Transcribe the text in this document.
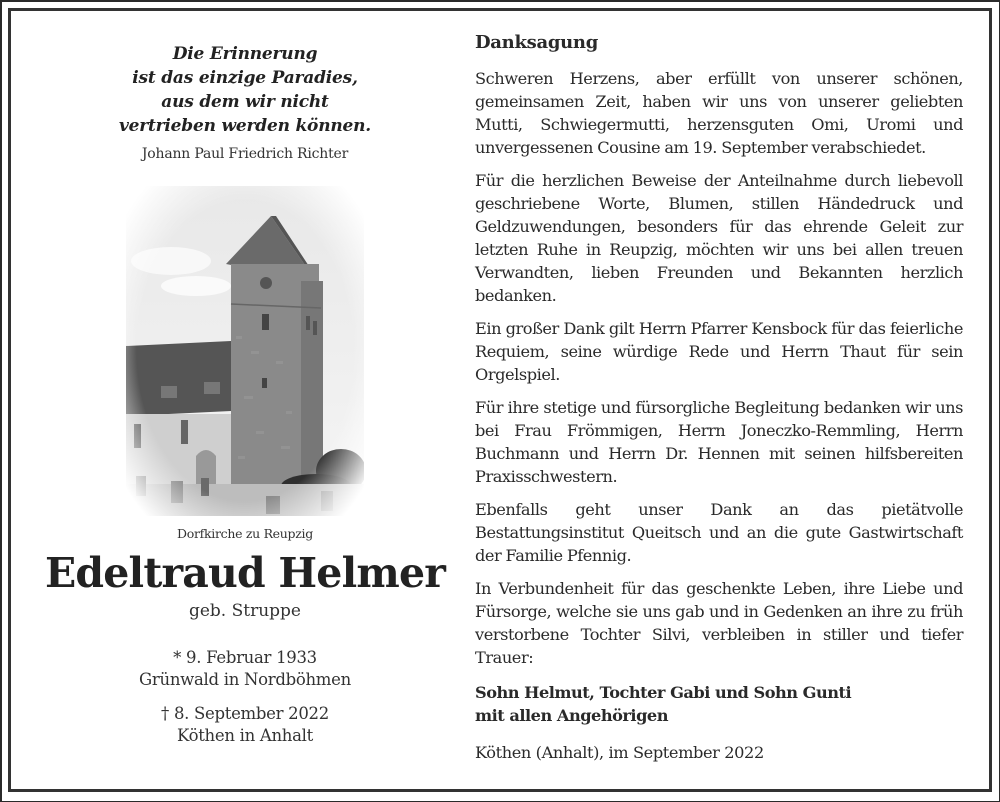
Die Erinnerung
ist das einzige Paradies,
aus dem wir nicht
vertrieben werden können.
Johann Paul Friedrich Richter
Dorfkirche zu Reupzig
Edeltraud Helmer
geb. Struppe
* 9. Februar 1933
Grünwald in Nordböhmen
† 8. September 2022
Köthen in Anhalt
Danksagung
Schweren Herzens, aber erfüllt von unserer schönen, gemeinsamen Zeit, haben wir uns von unserer geliebten Mutti, Schwiegermutti, herzensguten Omi, Uromi und unvergessenen Cousine am 19. September verabschiedet.
Für die herzlichen Beweise der Anteilnahme durch liebevoll geschriebene Worte, Blumen, stillen Händedruck und Geldzuwendungen, besonders für das ehrende Geleit zur letzten Ruhe in Reupzig, möchten wir uns bei allen treuen Verwandten, lieben Freunden und Bekannten herzlich bedanken.
Ein großer Dank gilt Herrn Pfarrer Kensbock für das feierliche Requiem, seine würdige Rede und Herrn Thaut für sein Orgelspiel.
Für ihre stetige und fürsorgliche Begleitung bedanken wir uns bei Frau Frömmigen, Herrn Joneczko-Remmling, Herrn Buchmann und Herrn Dr. Hennen mit seinen hilfsbereiten Praxisschwestern.
Ebenfalls geht unser Dank an das pietätvolle Bestattungsinstitut Queitsch und an die gute Gastwirtschaft der Familie Pfennig.
In Verbundenheit für das geschenkte Leben, ihre Liebe und Fürsorge, welche sie uns gab und in Gedenken an ihre zu früh verstorbene Tochter Silvi, verbleiben in stiller und tiefer Trauer:
Sohn Helmut, Tochter Gabi und Sohn Gunti
mit allen Angehörigen
Köthen (Anhalt), im September 2022
